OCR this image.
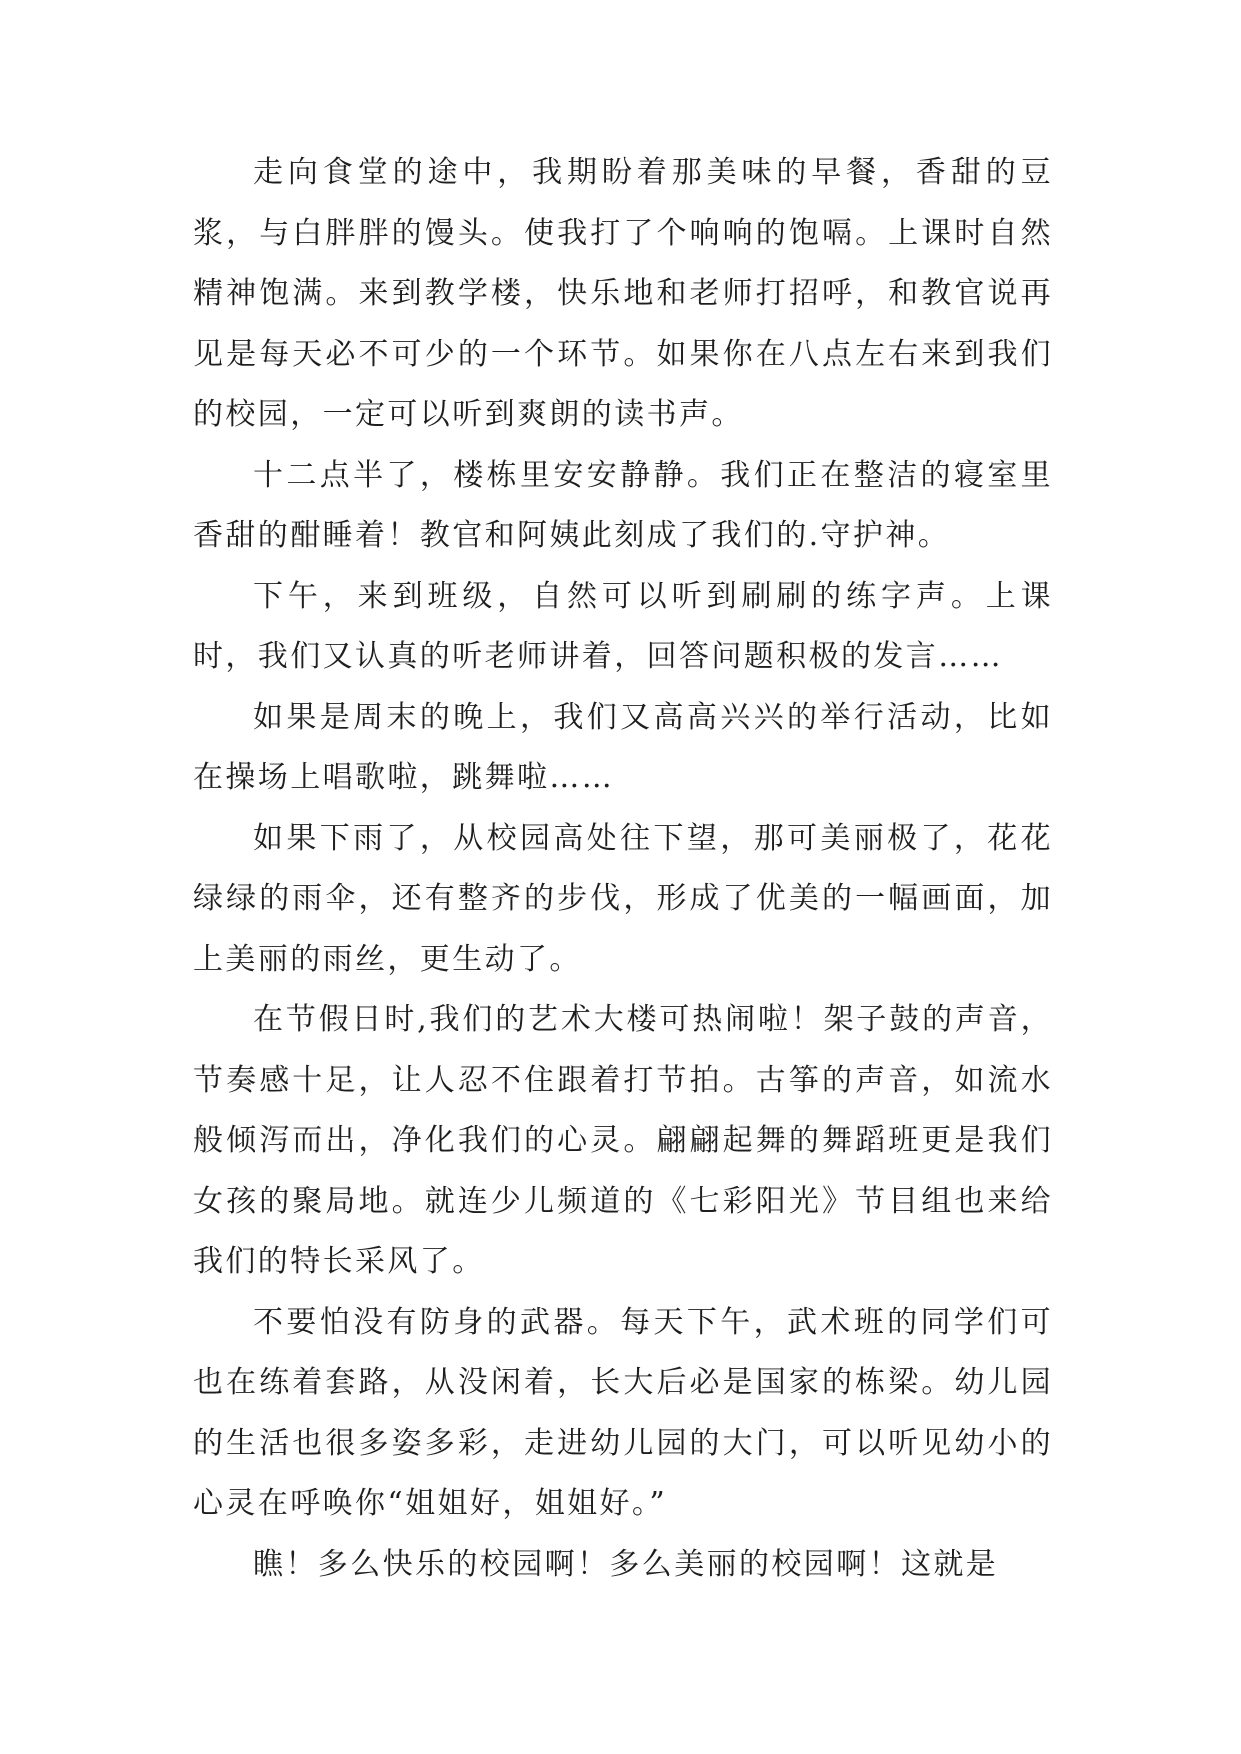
走向食堂的途中，我期盼着那美味的早餐，香甜的豆浆，与白胖胖的馒头。使我打了个响响的饱嗝。上课时自然精神饱满。来到教学楼，快乐地和老师打招呼，和教官说再见是每天必不可少的一个环节。如果你在八点左右来到我们的校园，一定可以听到爽朗的读书声。

十二点半了，楼栋里安安静静。我们正在整洁的寝室里香甜的酣睡着！教官和阿姨此刻成了我们的.守护神。

下午，来到班级，自然可以听到刷刷的练字声。上课时，我们又认真的听老师讲着，回答问题积极的发言……

如果是周末的晚上，我们又高高兴兴的举行活动，比如在操场上唱歌啦，跳舞啦……

如果下雨了，从校园高处往下望，那可美丽极了，花花绿绿的雨伞，还有整齐的步伐，形成了优美的一幅画面，加上美丽的雨丝，更生动了。

在节假日时,我们的艺术大楼可热闹啦！架子鼓的声音，节奏感十足，让人忍不住跟着打节拍。古筝的声音，如流水般倾泻而出，净化我们的心灵。翩翩起舞的舞蹈班更是我们女孩的聚局地。就连少儿频道的《七彩阳光》节目组也来给我们的特长采风了。

不要怕没有防身的武器。每天下午，武术班的同学们可也在练着套路，从没闲着，长大后必是国家的栋梁。幼儿园的生活也很多姿多彩，走进幼儿园的大门，可以听见幼小的心灵在呼唤你“姐姐好，姐姐好。”

瞧！多么快乐的校园啊！多么美丽的校园啊！这就是
